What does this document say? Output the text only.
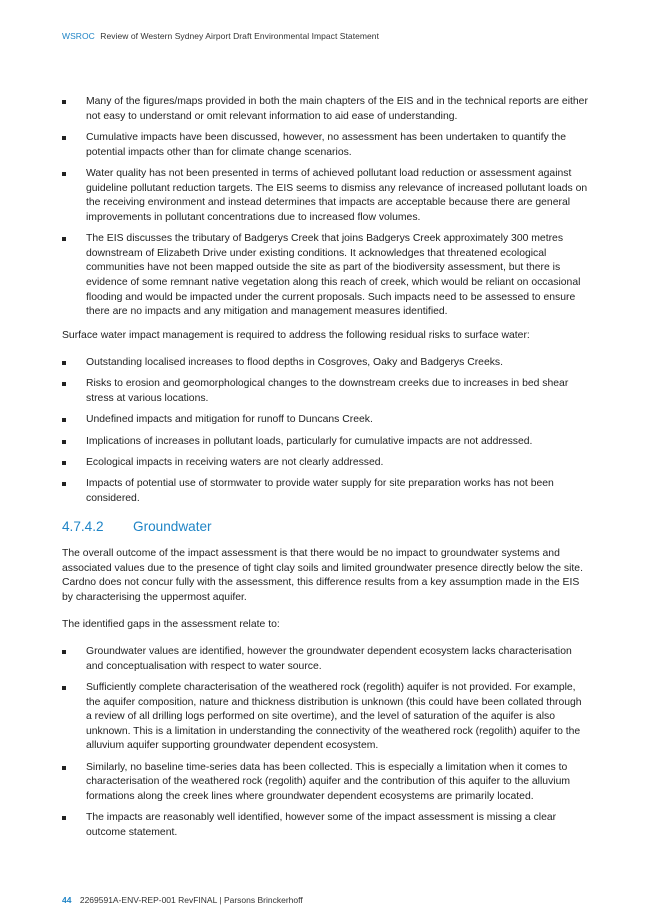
WSROC Review of Western Sydney Airport Draft Environmental Impact Statement
Many of the figures/maps provided in both the main chapters of the EIS and in the technical reports are either not easy to understand or omit relevant information to aid ease of understanding.
Cumulative impacts have been discussed, however, no assessment has been undertaken to quantify the potential impacts other than for climate change scenarios.
Water quality has not been presented in terms of achieved pollutant load reduction or assessment against guideline pollutant reduction targets. The EIS seems to dismiss any relevance of increased pollutant loads on the receiving environment and instead determines that impacts are acceptable because there are general improvements in pollutant concentrations due to increased flow volumes.
The EIS discusses the tributary of Badgerys Creek that joins Badgerys Creek approximately 300 metres downstream of Elizabeth Drive under existing conditions. It acknowledges that threatened ecological communities have not been mapped outside the site as part of the biodiversity assessment, but there is evidence of some remnant native vegetation along this reach of creek, which would be reliant on occasional flooding and would be impacted under the current proposals. Such impacts need to be assessed to ensure there are no impacts and any mitigation and management measures identified.

Surface water impact management is required to address the following residual risks to surface water:

Outstanding localised increases to flood depths in Cosgroves, Oaky and Badgerys Creeks.
Risks to erosion and geomorphological changes to the downstream creeks due to increases in bed shear stress at various locations.
Undefined impacts and mitigation for runoff to Duncans Creek.
Implications of increases in pollutant loads, particularly for cumulative impacts are not addressed.
Ecological impacts in receiving waters are not clearly addressed.
Impacts of potential use of stormwater to provide water supply for site preparation works has not been considered.
4.7.4.2	Groundwater

The overall outcome of the impact assessment is that there would be no impact to groundwater systems and associated values due to the presence of tight clay soils and limited groundwater presence directly below the site. Cardno does not concur fully with the assessment, this difference results from a key assumption made in the EIS by characterising the uppermost aquifer.

The identified gaps in the assessment relate to:

Groundwater values are identified, however the groundwater dependent ecosystem lacks characterisation and conceptualisation with respect to water source.
Sufficiently complete characterisation of the weathered rock (regolith) aquifer is not provided. For example, the aquifer composition, nature and thickness distribution is unknown (this could have been collated through a review of all drilling logs performed on site overtime), and the level of saturation of the aquifer is also unknown. This is a limitation in understanding the connectivity of the weathered rock (regolith) aquifer to the alluvium aquifer supporting groundwater dependent ecosystem.
Similarly, no baseline time-series data has been collected. This is especially a limitation when it comes to characterisation of the weathered rock (regolith) aquifer and the contribution of this aquifer to the alluvium formations along the creek lines where groundwater dependent ecosystems are primarily located.
The impacts are reasonably well identified, however some of the impact assessment is missing a clear outcome statement.
44 2269591A-ENV-REP-001 RevFINAL | Parsons Brinckerhoff
